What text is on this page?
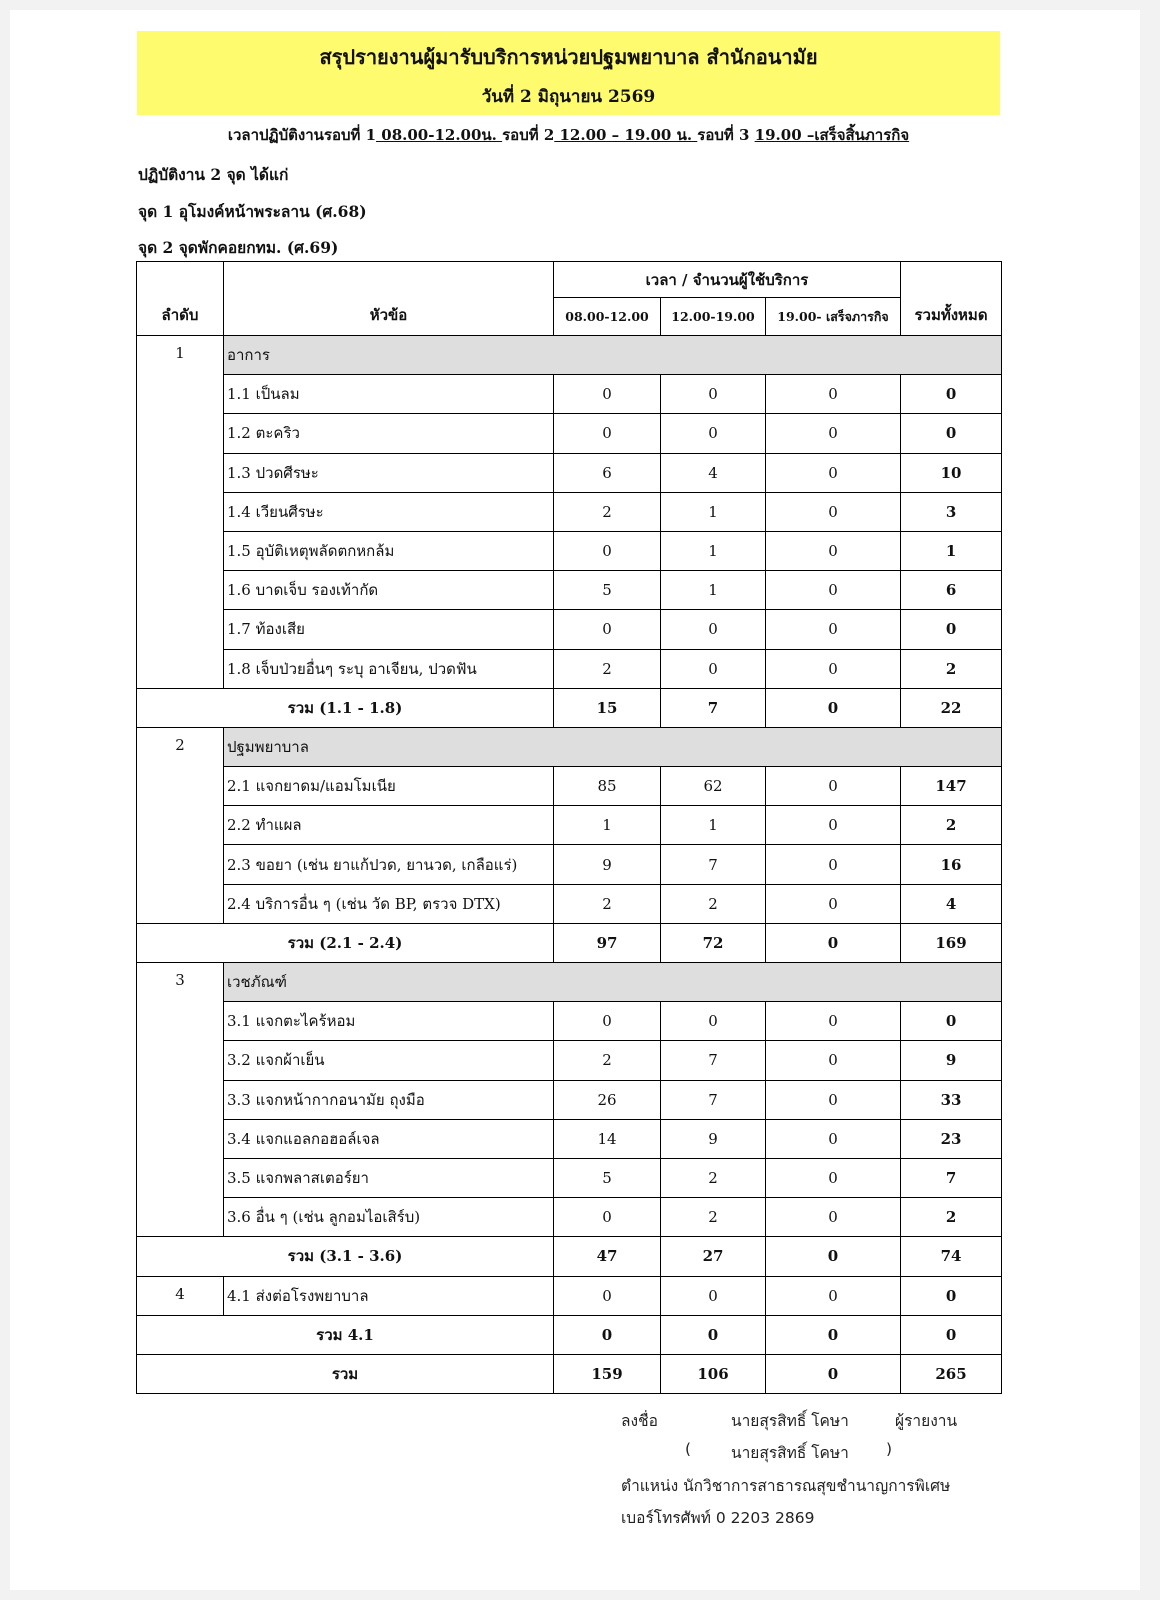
สรุปรายงานผู้มารับบริการหน่วยปฐมพยาบาล สำนักอนามัย
วันที่ 2 มิถุนายน 2569
เวลาปฏิบัติงานรอบที่ 1 08.00-12.00น. รอบที่ 2 12.00 – 19.00 น. รอบที่ 3 19.00 –เสร็จสิ้นภารกิจ
ปฏิบัติงาน 2 จุด ได้แก่
จุด 1 อุโมงค์หน้าพระลาน (ศ.68)
จุด 2 จุดพักคอยกทม. (ศ.69)
ลำดับ	หัวข้อ	เวลา / จำนวนผู้ใช้บริการ			รวมทั้งหมด
		08.00-12.00	12.00-19.00	19.00- เสร็จภารกิจ	
1	อาการ				
	1.1 เป็นลม	0	0	0	0
	1.2 ตะคริว	0	0	0	0
	1.3 ปวดศีรษะ	6	4	0	10
	1.4 เวียนศีรษะ	2	1	0	3
	1.5 อุบัติเหตุพลัดตกหกล้ม	0	1	0	1
	1.6 บาดเจ็บ รองเท้ากัด	5	1	0	6
	1.7 ท้องเสีย	0	0	0	0
	1.8 เจ็บป่วยอื่นๆ ระบุ อาเจียน, ปวดฟัน	2	0	0	2
รวม (1.1 - 1.8)		15	7	0	22
2	ปฐมพยาบาล				
	2.1 แจกยาดม/แอมโมเนีย	85	62	0	147
	2.2 ทำแผล	1	1	0	2
	2.3 ขอยา (เช่น ยาแก้ปวด, ยานวด, เกลือแร่)	9	7	0	16
	2.4 บริการอื่น ๆ (เช่น วัด BP, ตรวจ DTX)	2	2	0	4
รวม (2.1 - 2.4)		97	72	0	169
3	เวชภัณฑ์				
	3.1 แจกตะไคร้หอม	0	0	0	0
	3.2 แจกผ้าเย็น	2	7	0	9
	3.3 แจกหน้ากากอนามัย ถุงมือ	26	7	0	33
	3.4 แจกแอลกอฮอล์เจล	14	9	0	23
	3.5 แจกพลาสเตอร์ยา	5	2	0	7
	3.6 อื่น ๆ (เช่น ลูกอมไอเสิร์บ)	0	2	0	2
รวม (3.1 - 3.6)		47	27	0	74
4	4.1 ส่งต่อโรงพยาบาล	0	0	0	0
รวม 4.1		0	0	0	0
รวม		159	106	0	265
ลงชื่อ	นายสุรสิทธิ์ โคษา	ผู้รายงาน
(	นายสุรสิทธิ์ โคษา )
ตำแหน่ง นักวิชาการสาธารณสุขชำนาญการพิเศษ
เบอร์โทรศัพท์ 0 2203 2869
